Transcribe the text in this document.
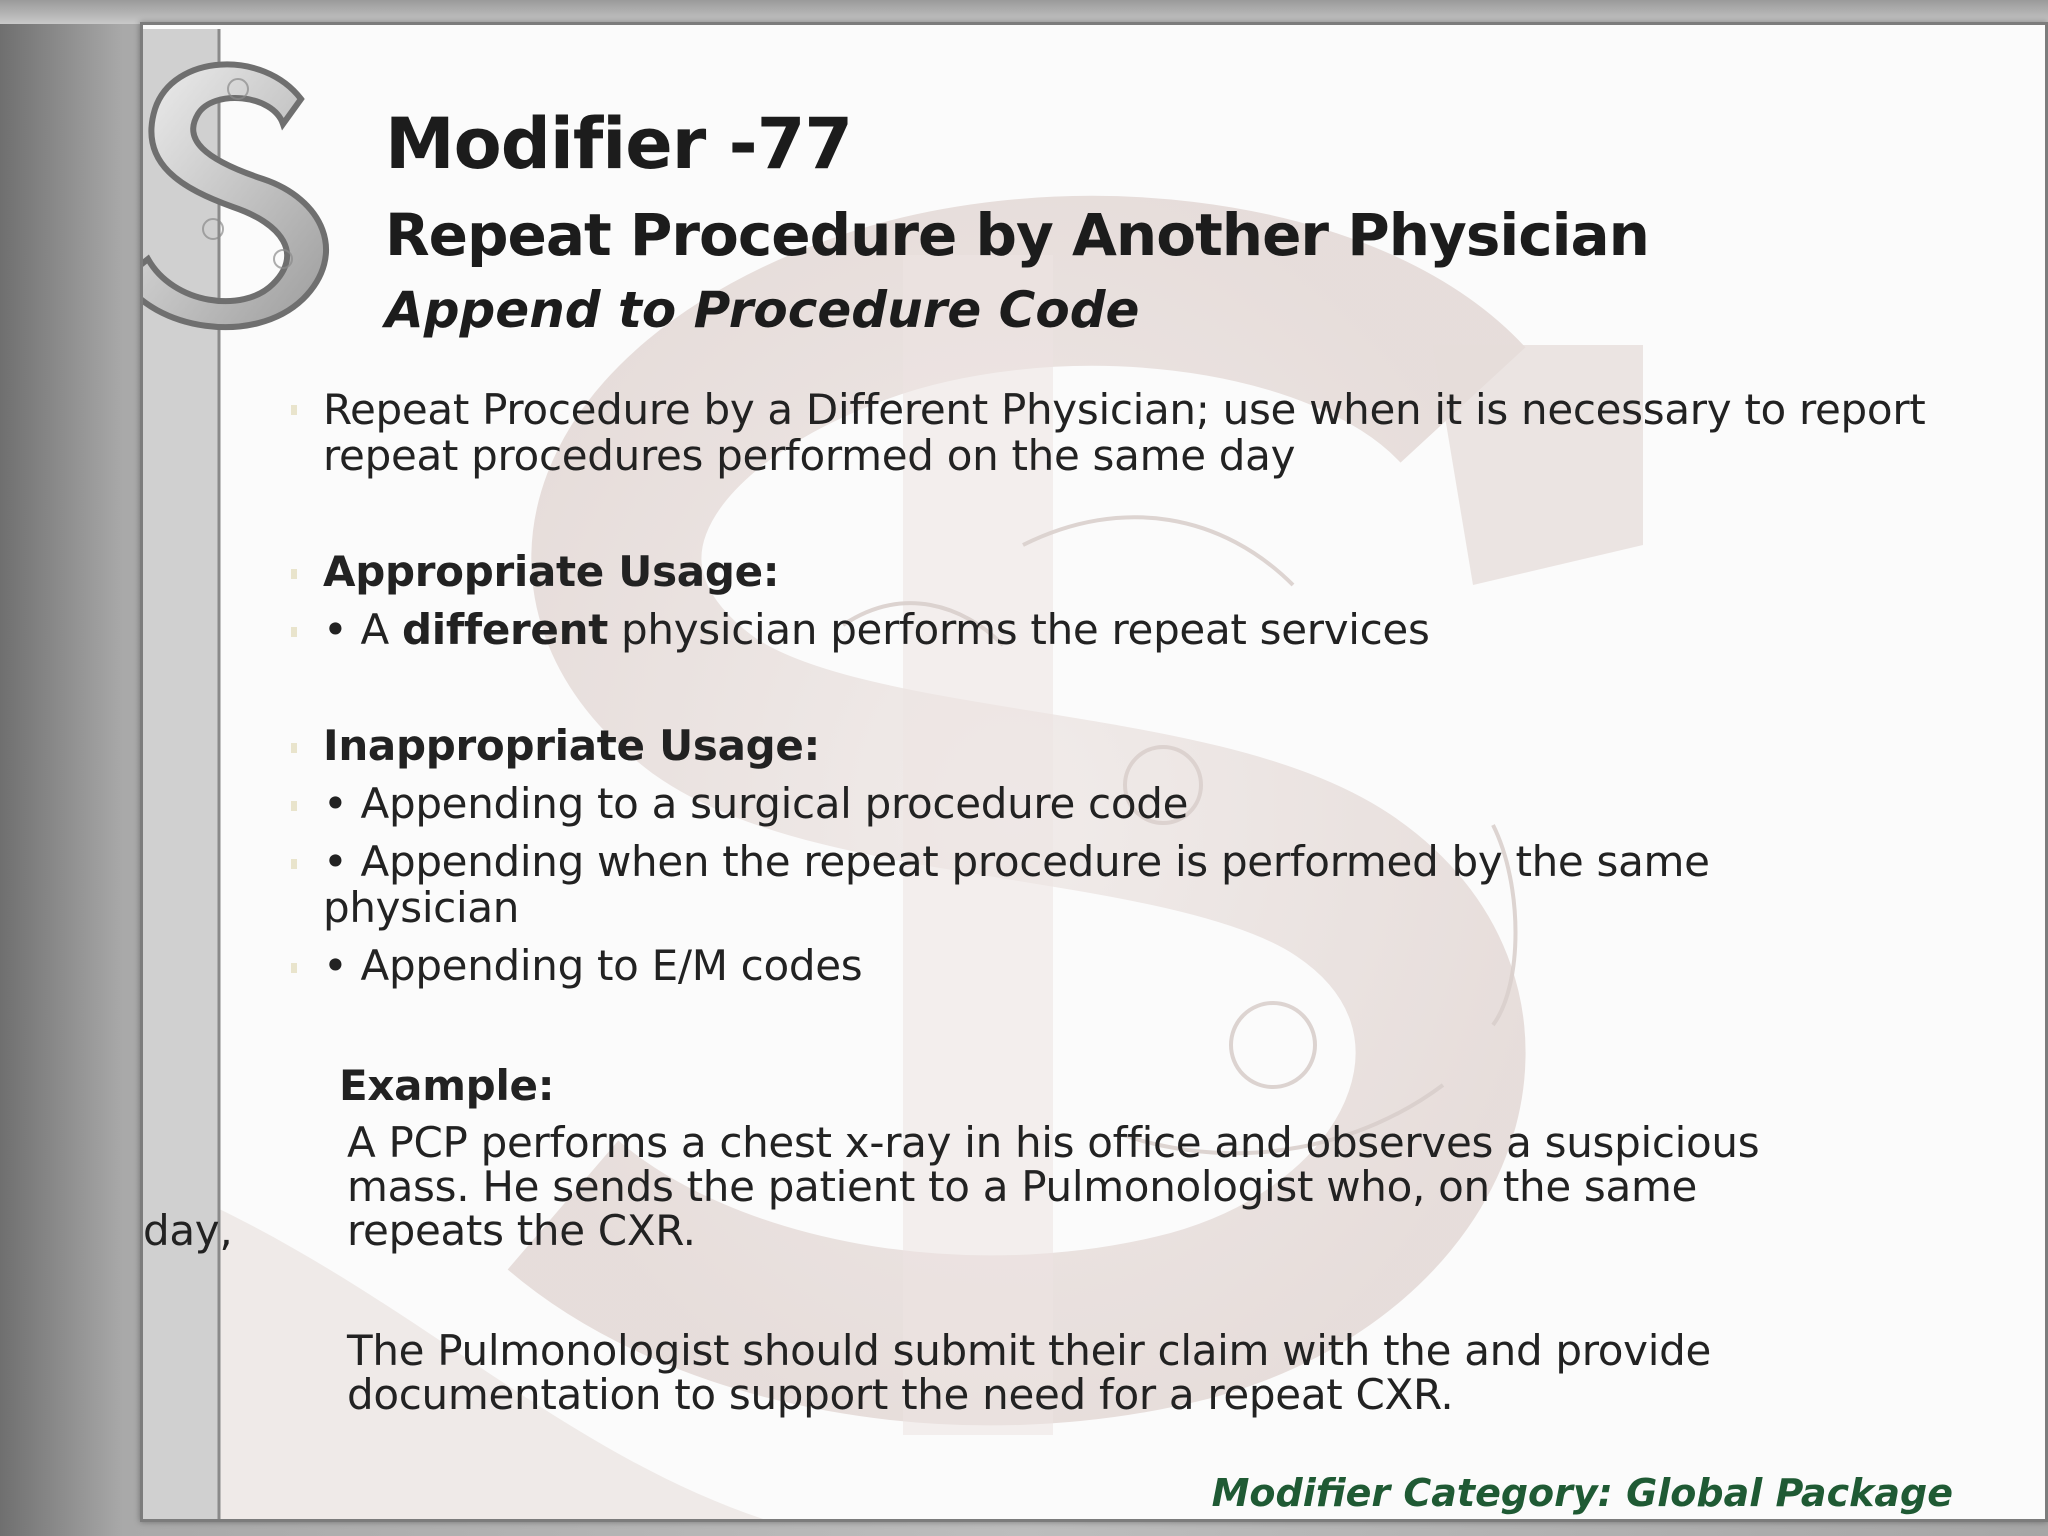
Modifier -77
Repeat Procedure by Another Physician
Append to Procedure Code

Repeat Procedure by a Different Physician; use when it is necessary to report
repeat procedures performed on the same day

Appropriate Usage:

• A different physician performs the repeat services

Inappropriate Usage:

• Appending to a surgical procedure code

• Appending when the repeat procedure is performed by the same
physician

• Appending to E/M codes

Example:

A PCP performs a chest x-ray in his office and observes a suspicious
mass. He sends the patient to a Pulmonologist who, on the same
day,	repeats the CXR.
The Pulmonologist should submit their claim with the and provide
documentation to support the need for a repeat CXR.

Modifier Category: Global Package
